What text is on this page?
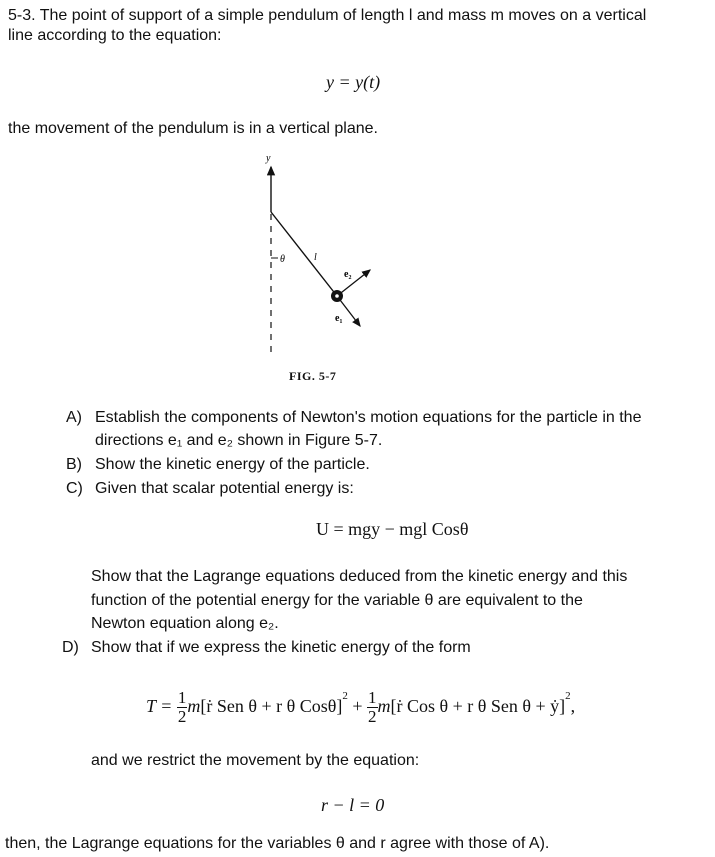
5-3. The point of support of a simple pendulum of length l and mass m moves on a vertical
line according to the equation:
y = y(t)
the movement of the pendulum is in a vertical plane.
y
θ	l
e₂
e₁
FIG. 5-7
A) Establish the components of Newton's motion equations for the particle in the
directions e₁ and e₂ shown in Figure 5-7.
B) Show the kinetic energy of the particle.
C) Given that scalar potential energy is:
U = mgy − mgl Cosθ
Show that the Lagrange equations deduced from the kinetic energy and this
function of the potential energy for the variable θ are equivalent to the
Newton equation along e₂.
D) Show that if we express the kinetic energy of the form
$T = \frac{1}{2}$ m[ṙ Sen θ + r θ $Cos\theta]^2 + \frac{1}{2}$ m[ṙ Cos θ + r θ Sen θ + ẏ]$^2$,
and we restrict the movement by the equation:
r − l = 0
then, the Lagrange equations for the variables θ and r agree with those of A).
